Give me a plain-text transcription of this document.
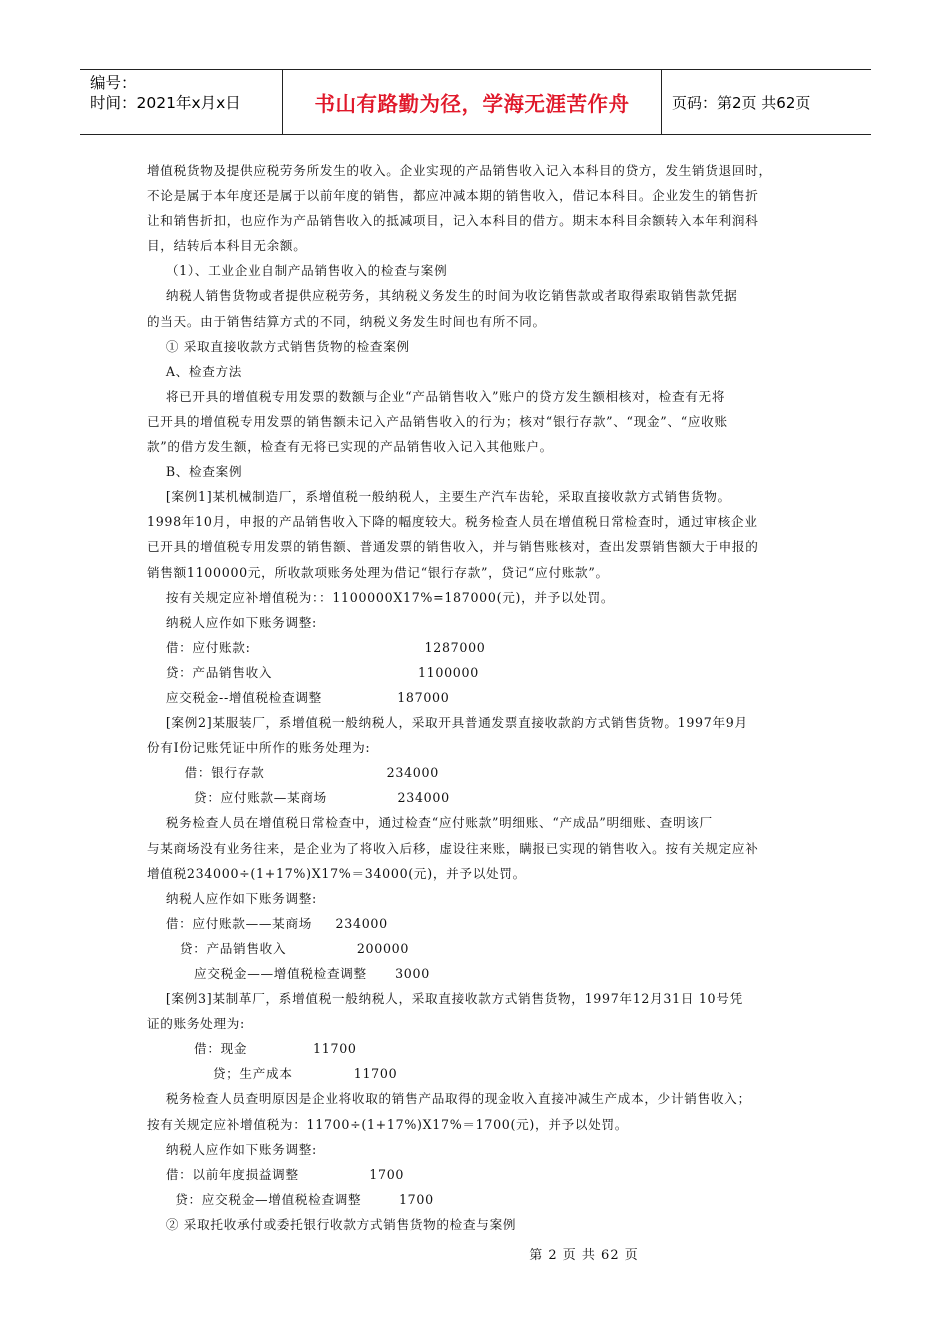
编号：
时间：2021年x月x日	书山有路勤为径，学海无涯苦作舟	页码：第2页 共62页

增值税货物及提供应税劳务所发生的收入。企业实现的产品销售收入记入本科目的贷方，发生销货退回时，

不论是属于本年度还是属于以前年度的销售，都应冲减本期的销售收入，借记本科目。企业发生的销售折

让和销售折扣，也应作为产品销售收入的抵减项目，记入本科目的借方。期末本科目余额转入本年利润科

目，结转后本科目无余额。

（1）、工业企业自制产品销售收入的检查与案例

纳税人销售货物或者提供应税劳务，其纳税义务发生的时间为收讫销售款或者取得索取销售款凭据

的当天。由于销售结算方式的不同，纳税义务发生时间也有所不同。

① 采取直接收款方式销售货物的检查案例

A、检查方法

将已开具的增值税专用发票的数额与企业“产品销售收入”账户的贷方发生额相核对，检查有无将

已开具的增值税专用发票的销售额未记入产品销售收入的行为；核对“银行存款”、“现金”、“应收账

款”的借方发生额，检查有无将已实现的产品销售收入记入其他账户。

B、检查案例

[案例1]某机械制造厂，系增值税一般纳税人，主要生产汽车齿轮，采取直接收款方式销售货物。

1998年10月，申报的产品销售收入下降的幅度较大。税务检查人员在增值税日常检查时，通过审核企业

已开具的增值税专用发票的销售额、普通发票的销售收入，并与销售账核对，查出发票销售额大于申报的

销售额1100000元，所收款项账务处理为借记“银行存款”，贷记“应付账款”。

按有关规定应补增值税为：：1100000X17%=187000(元)，并予以处罚。

纳税人应作如下账务调整:

借：应付账款:                                     1287000

贷：产品销售收入                               1100000

应交税金--增值税检查调整                187000

[案例2]某服装厂，系增值税一般纳税人，采取开具普通发票直接收款韵方式销售货物。1997年9月

份有I份记账凭证中所作的账务处理为:

借：银行存款                          234000

贷：应付账款—某商场               234000

税务检查人员在增值税日常检查中，通过检查“应付账款”明细账、“产成品”明细账、查明该厂

与某商场没有业务往来，是企业为了将收入后移，虚设往来账，瞒报已实现的销售收入。按有关规定应补

增值税234000÷(1+17%)X17%＝34000(元)，并予以处罚。

纳税人应作如下账务调整:

借：应付账款——某商场     234000

贷：产品销售收入               200000

应交税金——增值税检查调整      3000

[案例3]某制革厂，系增值税一般纳税人，采取直接收款方式销售货物，1997年12月31日 10号凭

证的账务处理为:

借：现金              11700

贷；生产成本             11700

税务检查人员查明原因是企业将收取的销售产品取得的现金收入直接冲减生产成本，少计销售收入；

按有关规定应补增值税为：11700÷(1+17%)X17%＝1700(元)，并予以处罚。

纳税人应作如下账务调整:

借：以前年度损益调整               1700

贷：应交税金—增值税检查调整        1700

② 采取托收承付或委托银行收款方式销售货物的检查与案例

第 2 页 共 62 页
